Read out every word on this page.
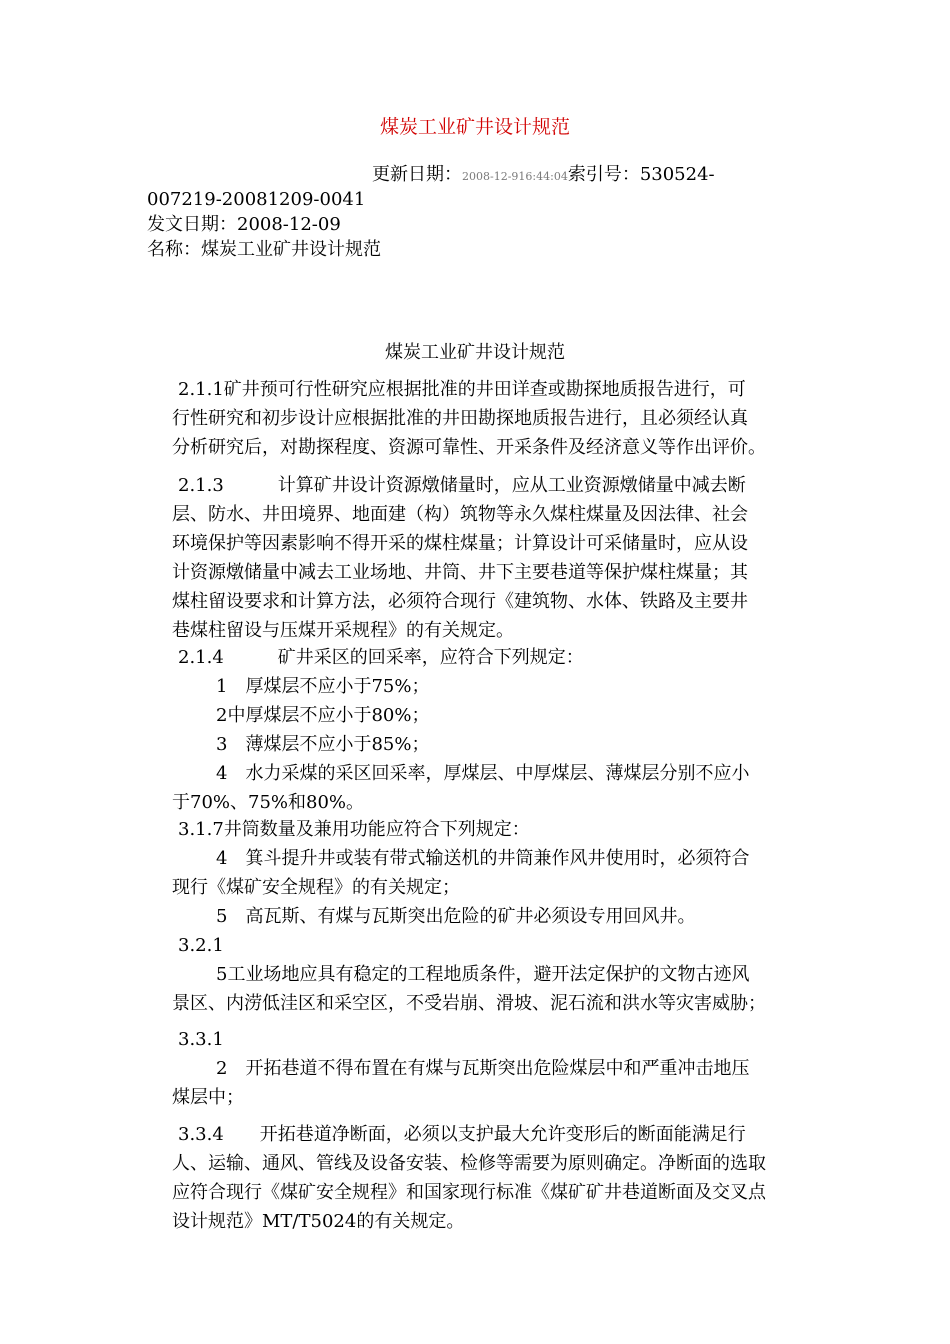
煤炭工业矿井设计规范
更新日期：2008-12-916:44:04索引号：530524-
007219-20081209-0041
发文日期：2008-12-09
名称：煤炭工业矿井设计规范
煤炭工业矿井设计规范
2.1.1矿井预可行性研究应根据批准的井田详查或勘探地质报告进行，可
行性研究和初步设计应根据批准的井田勘探地质报告进行，且必须经认真
分析研究后，对勘探程度、资源可靠性、开采条件及经济意义等作出评价。
2.1.3　　　计算矿井设计资源燉储量时，应从工业资源燉储量中减去断
层、防水、井田境界、地面建（构）筑物等永久煤柱煤量及因法律、社会
环境保护等因素影响不得开采的煤柱煤量；计算设计可采储量时，应从设
计资源燉储量中减去工业场地、井筒、井下主要巷道等保护煤柱煤量；其
煤柱留设要求和计算方法，必须符合现行《建筑物、水体、铁路及主要井
巷煤柱留设与压煤开采规程》的有关规定。
2.1.4　　　矿井采区的回采率，应符合下列规定：
1　厚煤层不应小于75%；
2中厚煤层不应小于80%；
3　薄煤层不应小于85%；
4　水力采煤的采区回采率，厚煤层、中厚煤层、薄煤层分别不应小
于70%、75%和80%。
3.1.7井筒数量及兼用功能应符合下列规定：
4　箕斗提升井或装有带式输送机的井筒兼作风井使用时，必须符合
现行《煤矿安全规程》的有关规定；
5　高瓦斯、有煤与瓦斯突出危险的矿井必须设专用回风井。
3.2.1
5工业场地应具有稳定的工程地质条件，避开法定保护的文物古迹风
景区、内涝低洼区和采空区，不受岩崩、滑坡、泥石流和洪水等灾害威胁；
3.3.1
2　开拓巷道不得布置在有煤与瓦斯突出危险煤层中和严重冲击地压
煤层中；
3.3.4　　开拓巷道净断面，必须以支护最大允许变形后的断面能满足行
人、运输、通风、管线及设备安装、检修等需要为原则确定。净断面的选取
应符合现行《煤矿安全规程》和国家现行标准《煤矿矿井巷道断面及交叉点
设计规范》MT/T5024的有关规定。
